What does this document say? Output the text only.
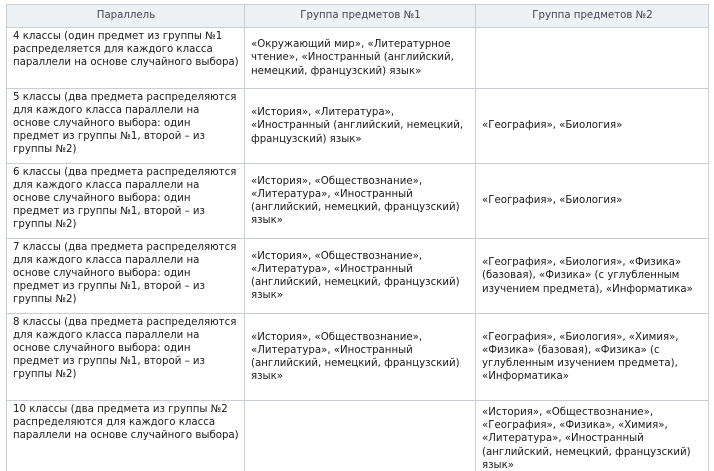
Параллель	Группа предметов №1	Группа предметов №2
4 классы (один предмет из группы №1 распределяется для каждого класса параллели на основе случайного выбора)	«Окружающий мир», «Литературное чтение», «Иностранный (английский, немецкий, французский) язык»	
5 классы (два предмета распределяются для каждого класса параллели на основе случайного выбора: один предмет из группы №1, второй – из группы №2)	«История», «Литература», «Иностранный (английский, немецкий, французский) язык»	«География», «Биология»
6 классы (два предмета распределяются для каждого класса параллели на основе случайного выбора: один предмет из группы №1, второй – из группы №2)	«История», «Обществознание», «Литература», «Иностранный (английский, немецкий, французский) язык»	«География», «Биология»
7 классы (два предмета распределяются для каждого класса параллели на основе случайного выбора: один предмет из группы №1, второй – из группы №2)	«История», «Обществознание», «Литература», «Иностранный (английский, немецкий, французский) язык»	«География», «Биология», «Физика» (базовая), «Физика» (с углубленным изучением предмета), «Информатика»
8 классы (два предмета распределяются для каждого класса параллели на основе случайного выбора: один предмет из группы №1, второй – из группы №2)	«История», «Обществознание», «Литература», «Иностранный (английский, немецкий, французский) язык»	«География», «Биология», «Химия», «Физика» (базовая), «Физика» (с углубленным изучением предмета), «Информатика»
10 классы (два предмета из группы №2 распределяются для каждого класса параллели на основе случайного выбора)		«История», «Обществознание», «География», «Физика», «Химия», «Литература», «Иностранный (английский, немецкий, французский) язык»
